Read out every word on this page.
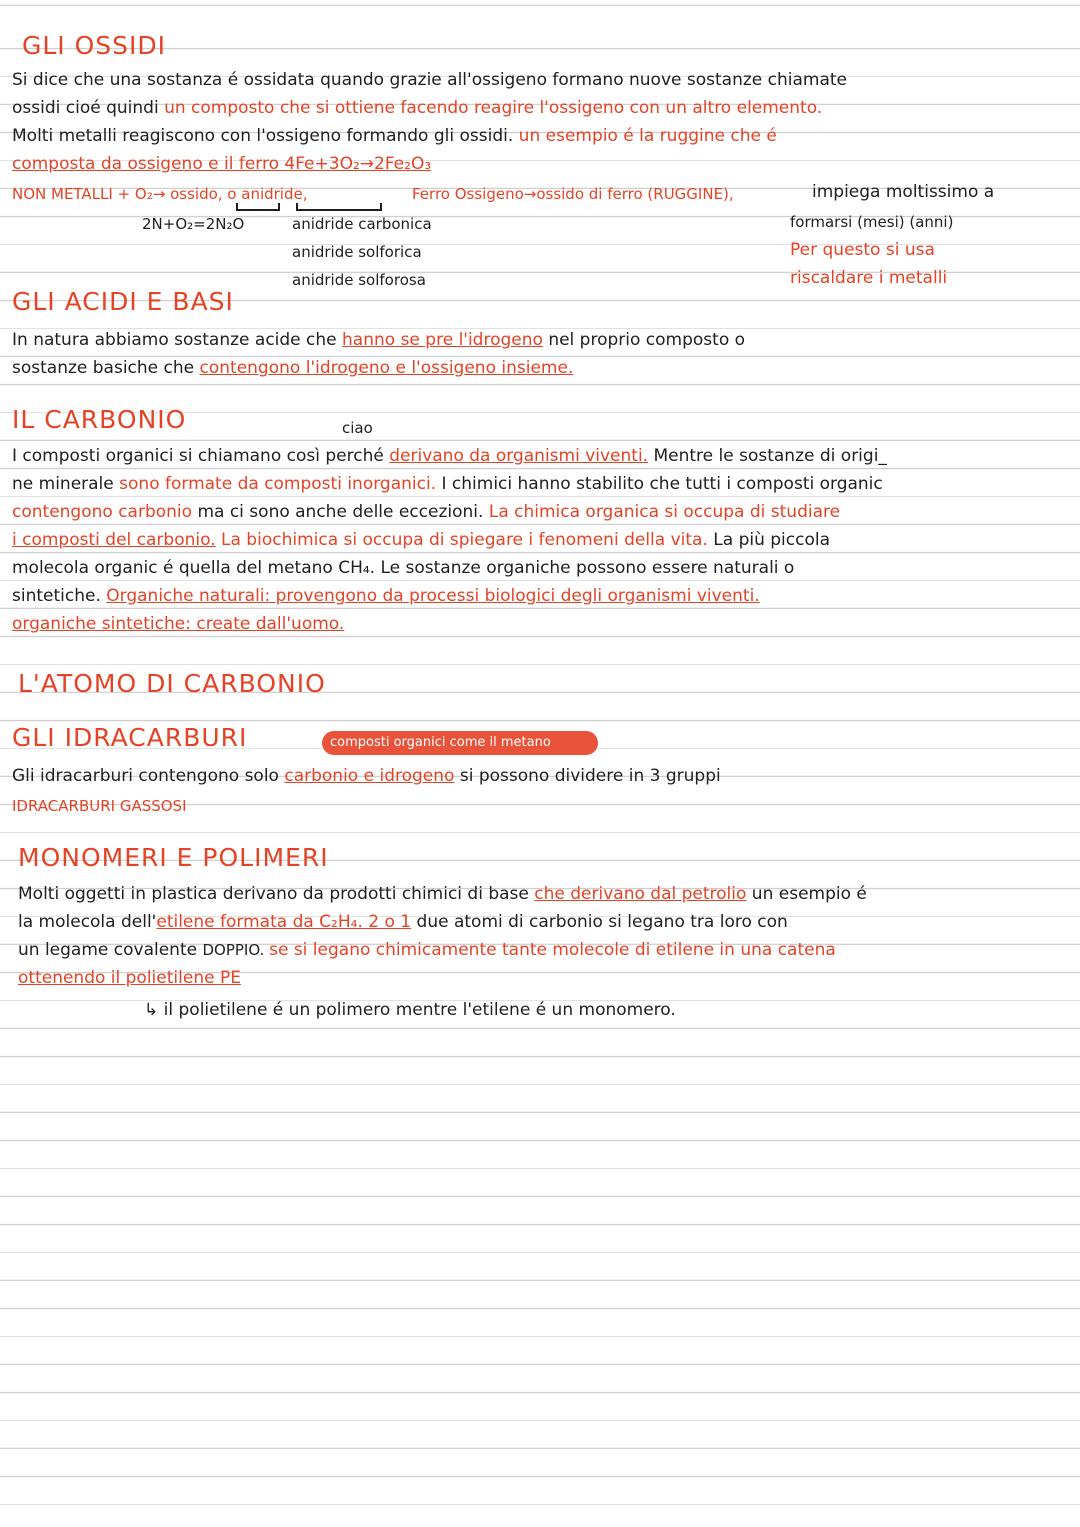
GLI OSSIDI
Si dice che una sostanza é ossidata quando grazie all'ossigeno formano nuove sostanze chiamate
ossidi cioé quindi un composto che si ottiene facendo reagire l'ossigeno con un altro elemento.
Molti metalli reagiscono con l'ossigeno formando gli ossidi. un esempio é la ruggine che é
composta da ossigeno e il ferro 4Fe+3O₂→2Fe₂O₃
NON METALLI + O₂→ ossido, o anidride,	Ferro Ossigeno→ossido di ferro (RUGGINE),	impiega moltissimo a
2N+O₂=2N₂O	anidride carbonica	formarsi (mesi) (anni)
anidride solforica	Per questo si usa
anidride solforosa	riscaldare i metalli
GLI ACIDI E BASI
In natura abbiamo sostanze acide che hanno se pre l'idrogeno nel proprio composto o
sostanze basiche che contengono l'idrogeno e l'ossigeno insieme.
IL CARBONIO	ciao
I composti organici si chiamano così perché derivano da organismi viventi. Mentre le sostanze di origi_
ne minerale sono formate da composti inorganici. I chimici hanno stabilito che tutti i composti organic
contengono carbonio ma ci sono anche delle eccezioni. La chimica organica si occupa di studiare
i composti del carbonio. La biochimica si occupa di spiegare i fenomeni della vita. La più piccola
molecola organic é quella del metano CH₄. Le sostanze organiche possono essere naturali o
sintetiche. Organiche naturali: provengono da processi biologici degli organismi viventi.
organiche sintetiche: create dall'uomo.
L'ATOMO DI CARBONIO
GLI IDRACARBURI	composti organici come il metano
Gli idracarburi contengono solo carbonio e idrogeno si possono dividere in 3 gruppi
IDRACARBURI GASSOSI
MONOMERI E POLIMERI
Molti oggetti in plastica derivano da prodotti chimici di base che derivano dal petrolio un esempio é
la molecola dell'etilene formata da C₂H₄. 2 o 1 due atomi di carbonio si legano tra loro con
un legame covalente DOPPIO. se si legano chimicamente tante molecole di etilene in una catena
ottenendo il polietilene PE
↳ il polietilene é un polimero mentre l'etilene é un monomero.
